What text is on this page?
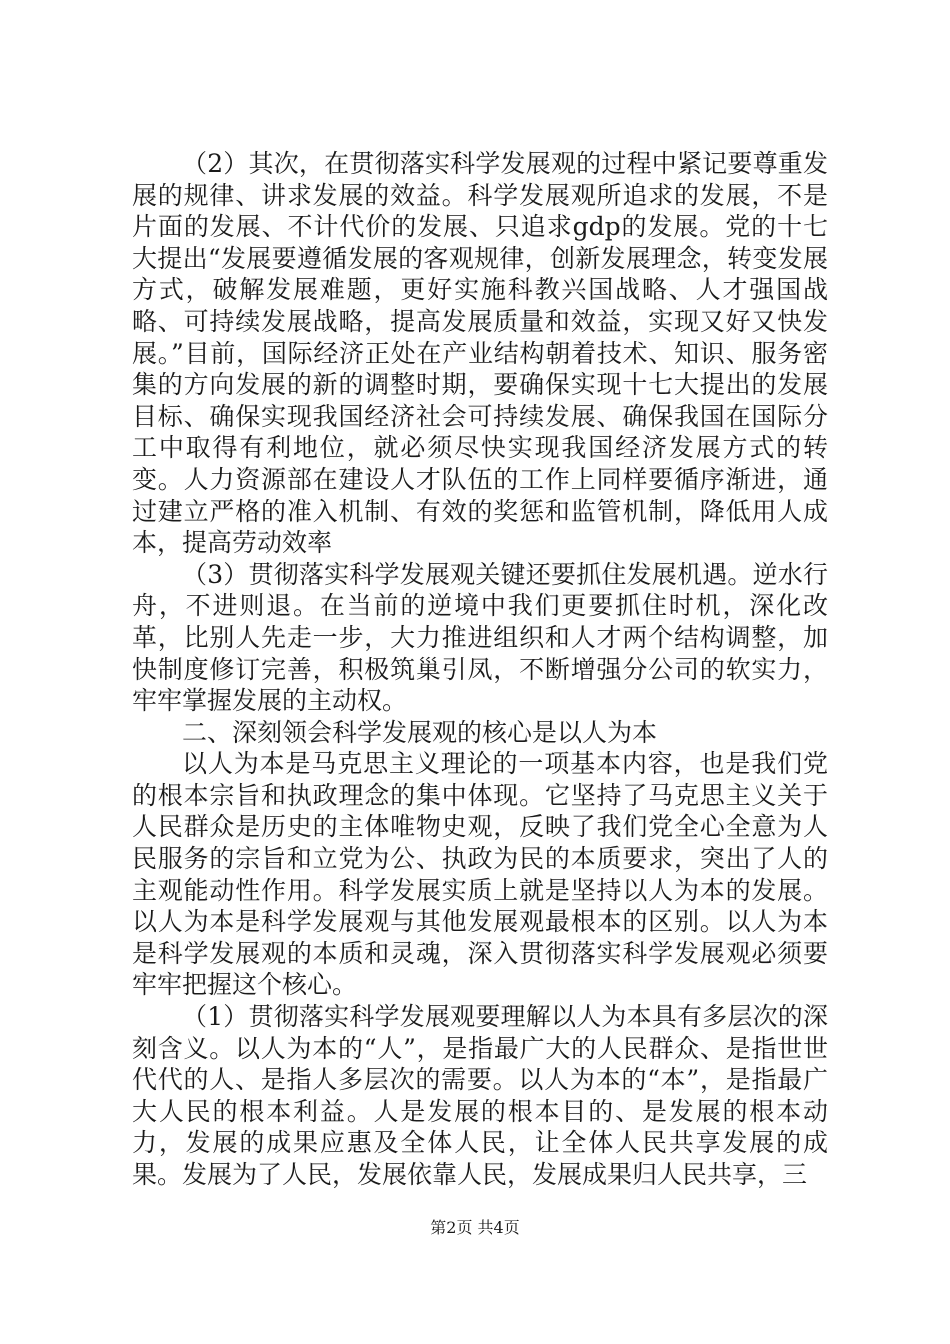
（2）其次，在贯彻落实科学发展观的过程中紧记要尊重发展的规律、讲求发展的效益。科学发展观所追求的发展，不是片面的发展、不计代价的发展、只追求gdp的发展。党的十七大提出“发展要遵循发展的客观规律，创新发展理念，转变发展方式，破解发展难题，更好实施科教兴国战略、人才强国战略、可持续发展战略，提高发展质量和效益，实现又好又快发展。”目前，国际经济正处在产业结构朝着技术、知识、服务密集的方向发展的新的调整时期，要确保实现十七大提出的发展目标、确保实现我国经济社会可持续发展、确保我国在国际分工中取得有利地位，就必须尽快实现我国经济发展方式的转变。人力资源部在建设人才队伍的工作上同样要循序渐进，通过建立严格的准入机制、有效的奖惩和监管机制，降低用人成本，提高劳动效率

（3）贯彻落实科学发展观关键还要抓住发展机遇。逆水行舟，不进则退。在当前的逆境中我们更要抓住时机，深化改革，比别人先走一步，大力推进组织和人才两个结构调整，加快制度修订完善，积极筑巢引凤，不断增强分公司的软实力，牢牢掌握发展的主动权。

二、深刻领会科学发展观的核心是以人为本

以人为本是马克思主义理论的一项基本内容，也是我们党的根本宗旨和执政理念的集中体现。它坚持了马克思主义关于人民群众是历史的主体唯物史观，反映了我们党全心全意为人民服务的宗旨和立党为公、执政为民的本质要求，突出了人的主观能动性作用。科学发展实质上就是坚持以人为本的发展。以人为本是科学发展观与其他发展观最根本的区别。以人为本是科学发展观的本质和灵魂，深入贯彻落实科学发展观必须要牢牢把握这个核心。

（1）贯彻落实科学发展观要理解以人为本具有多层次的深刻含义。以人为本的“人”，是指最广大的人民群众、是指世世代代的人、是指人多层次的需要。以人为本的“本”，是指最广大人民的根本利益。人是发展的根本目的、是发展的根本动力，发展的成果应惠及全体人民，让全体人民共享发展的成果。发展为了人民，发展依靠人民，发展成果归人民共享，三

第2页 共4页
